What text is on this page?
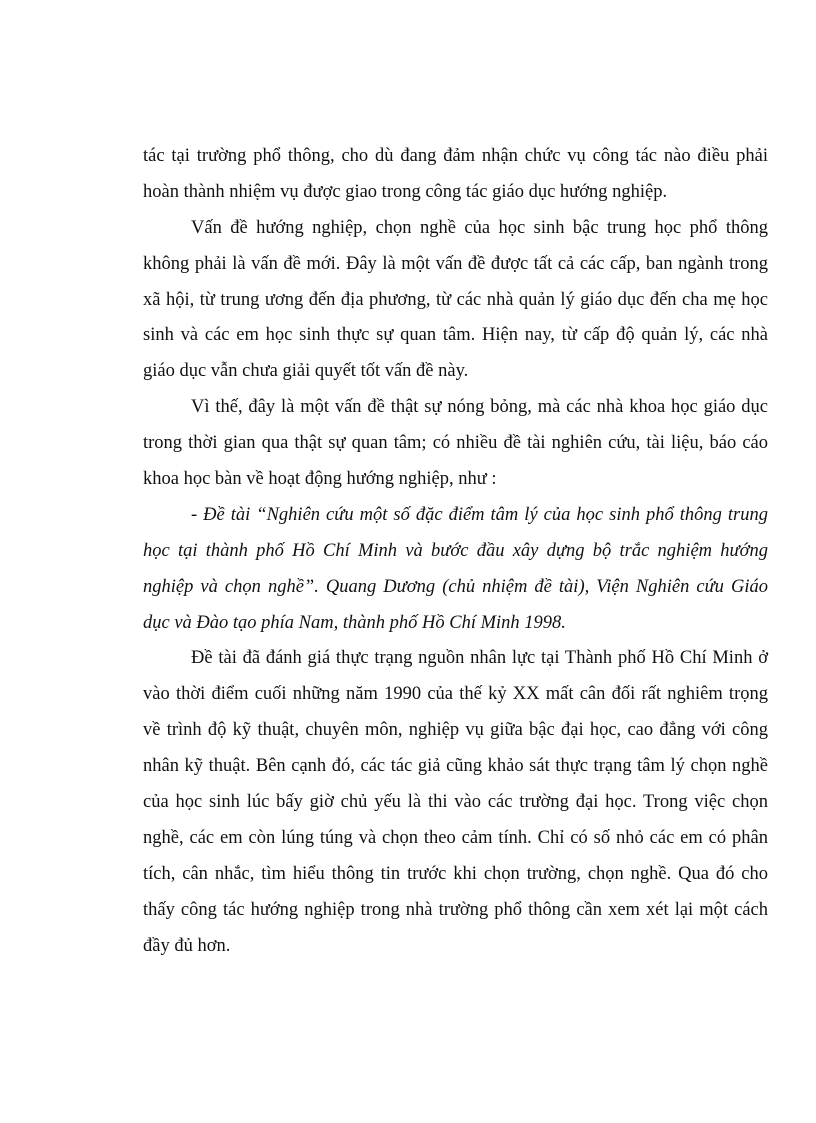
tác tại trường phổ thông, cho dù đang đảm nhận chức vụ công tác nào điều phải
hoàn thành nhiệm vụ được giao trong công tác giáo dục hướng nghiệp.
Vấn đề hướng nghiệp, chọn nghề của học sinh bậc trung học phổ thông
không phải là vấn đề mới. Đây là một vấn đề được tất cả các cấp, ban ngành trong
xã hội, từ trung ương đến địa phương, từ các nhà quản lý giáo dục đến cha mẹ học
sinh và các em học sinh thực sự quan tâm. Hiện nay, từ cấp độ quản lý, các nhà
giáo dục vẫn chưa giải quyết tốt vấn đề này.
Vì thế, đây là một vấn đề thật sự nóng bỏng, mà các nhà khoa học giáo dục
trong thời gian qua thật sự quan tâm; có nhiều đề tài nghiên cứu, tài liệu, báo cáo
khoa học bàn về hoạt động hướng nghiệp, như :
- Đề tài “Nghiên cứu một số đặc điểm tâm lý của học sinh phổ thông trung
học tại thành phố Hồ Chí Minh và bước đầu xây dựng bộ trắc nghiệm hướng
nghiệp và chọn nghề”. Quang Dương (chủ nhiệm đề tài), Viện Nghiên cứu Giáo
dục và Đào tạo phía Nam, thành phố Hồ Chí Minh 1998.
Đề tài đã đánh giá thực trạng nguồn nhân lực tại Thành phố Hồ Chí Minh ở
vào thời điểm cuối những năm 1990 của thế kỷ XX mất cân đối rất nghiêm trọng
về trình độ kỹ thuật, chuyên môn, nghiệp vụ giữa bậc đại học, cao đẳng với công
nhân kỹ thuật. Bên cạnh đó, các tác giả cũng khảo sát thực trạng tâm lý chọn nghề
của học sinh lúc bấy giờ chủ yếu là thi vào các trường đại học. Trong việc chọn
nghề, các em còn lúng túng và chọn theo cảm tính. Chỉ có số nhỏ các em có phân
tích, cân nhắc, tìm hiểu thông tin trước khi chọn trường, chọn nghề. Qua đó cho
thấy công tác hướng nghiệp trong nhà trường phổ thông cần xem xét lại một cách
đầy đủ hơn.
